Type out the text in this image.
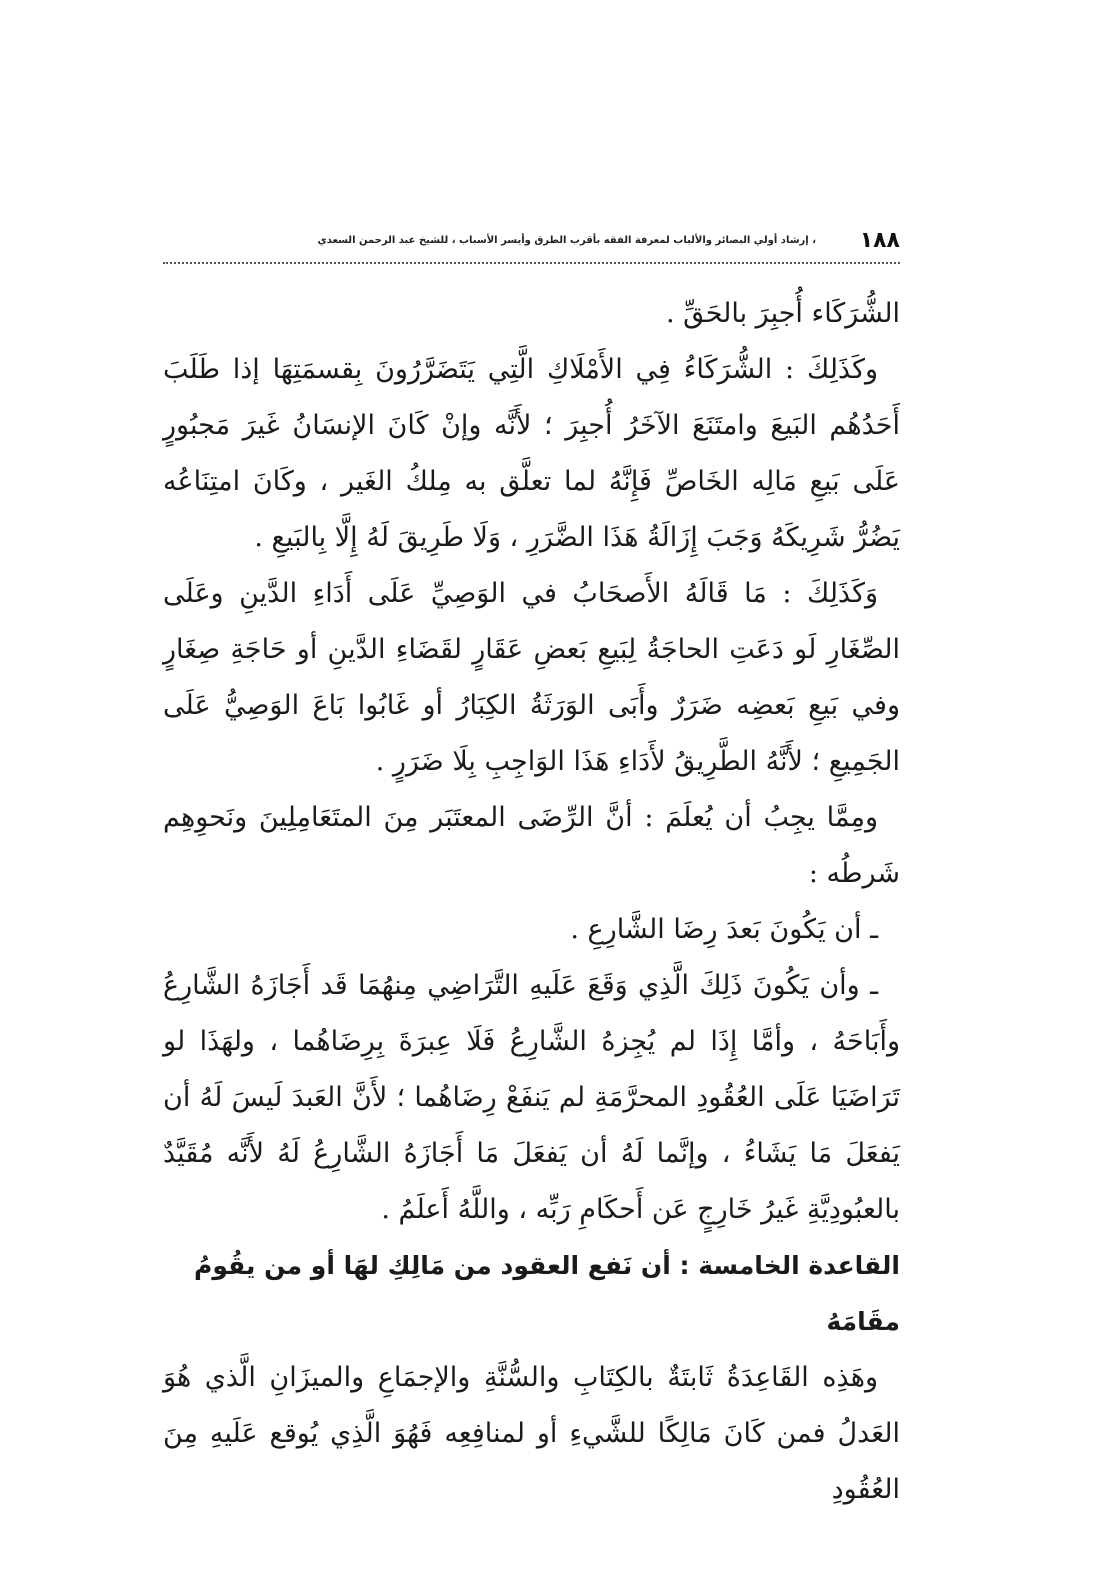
١٨٨
، إرشاد أولي البصائر والألباب لمعرفة الفقه بأقرب الطرق وأيسر الأسباب ، للشيخ عبد الرحمن السعدي

الشُّرَكَاء أُجبِرَ بالحَقِّ .

وكَذَلِكَ : الشُّرَكَاءُ فِي الأَمْلَاكِ الَّتِي يَتَضَرَّرُونَ بِقسمَتِهَا إذا طَلَبَ أَحَدُهُم البَيعَ وامتَنَعَ الآخَرُ أُجبِرَ ؛ لأَنَّه وإنْ كَانَ الإنسَانُ غَيرَ مَجبُورٍ عَلَى بَيعِ مَالِه الخَاصِّ فَإِنَّهُ لما تعلَّق به مِلكُ الغَير ، وكَانَ امتِنَاعُه يَضُرُّ شَرِيكَهُ وَجَبَ إِزَالَةُ هَذَا الضَّرَرِ ، وَلَا طَرِيقَ لَهُ إِلَّا بِالبَيعِ .

وَكَذَلِكَ : مَا قَالَهُ الأَصحَابُ في الوَصِيِّ عَلَى أَدَاءِ الدَّينِ وعَلَى الصِّغَارِ لَو دَعَتِ الحاجَةُ لِبَيعِ بَعضِ عَقَارٍ لقَضَاءِ الدَّينِ أو حَاجَةِ صِغَارٍ وفي بَيعِ بَعضِه ضَرَرٌ وأَبَى الوَرَثَةُ الكِبَارُ أو غَابُوا بَاعَ الوَصِيُّ عَلَى الجَمِيعِ ؛ لأَنَّهُ الطَّرِيقُ لأَدَاءِ هَذَا الوَاجِبِ بِلَا ضَرَرٍ .

ومِمَّا يجِبُ أن يُعلَمَ : أنَّ الرِّضَى المعتَبَر مِنَ المتَعَامِلِينَ ونَحوِهِم شَرطُه :

ـ أن يَكُونَ بَعدَ رِضَا الشَّارِعِ .

ـ وأن يَكُونَ ذَلِكَ الَّذِي وَقَعَ عَلَيهِ التَّرَاضِي مِنهُمَا قَد أَجَازَهُ الشَّارِعُ وأَبَاحَهُ ، وأمَّا إِذَا لم يُجِزهُ الشَّارِعُ فَلَا عِبرَةَ بِرِضَاهُما ، ولهَذَا لو تَرَاضَيَا عَلَى العُقُودِ المحرَّمَةِ لم يَنفَعْ رِضَاهُما ؛ لأَنَّ العَبدَ لَيسَ لَهُ أن يَفعَلَ مَا يَشَاءُ ، وإنَّما لَهُ أن يَفعَلَ مَا أَجَازَهُ الشَّارِعُ لَهُ لأَنَّه مُقَيَّدٌ بالعبُودِيَّةِ غَيرُ خَارِجٍ عَن أَحكَامِ رَبِّه ، واللَّهُ أَعلَمُ .

القاعدة الخامسة : أن نَفع العقود من مَالِكِ لهَا أو من يقُومُ مقَامَهُ

وهَذِه القَاعِدَةُ ثَابتَةٌ بالكِتَابِ والسُّنَّةِ والإجمَاعِ والميزَانِ الَّذي هُوَ العَدلُ فمن كَانَ مَالِكًا للشَّيءِ أو لمنافِعِه فَهُوَ الَّذِي يُوقع عَلَيهِ مِنَ العُقُودِ
